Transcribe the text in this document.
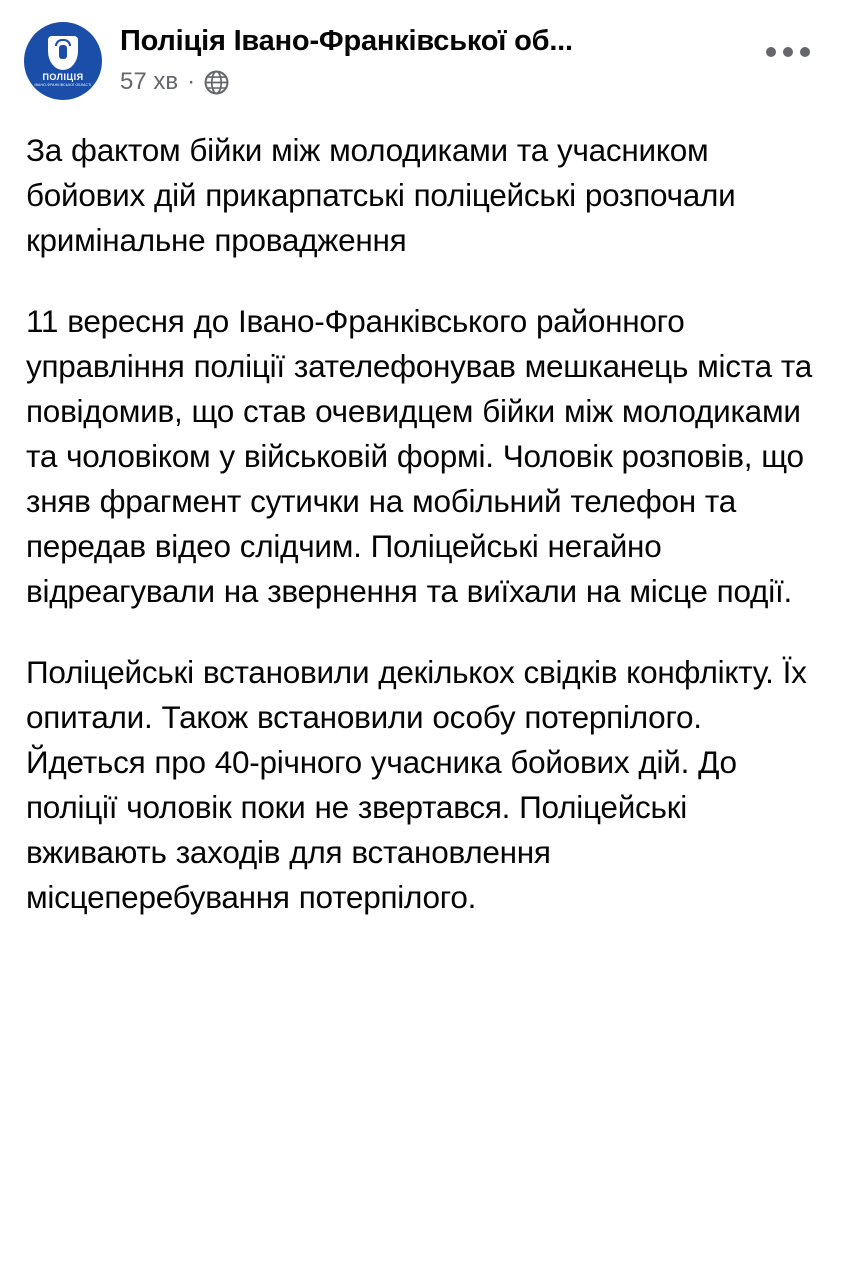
ПОЛІЦІЯ
ІВАНО-ФРАНКІВСЬКОЇ ОБЛАСТІ
Поліція Івано-Франківської об...
57 хв ·

За фактом бійки між молодиками та учасником бойових дій прикарпатські поліцейські розпочали кримінальне провадження

11 вересня до Івано-Франківського районного управління поліції зателефонував мешканець міста та повідомив, що став очевидцем бійки між молодиками та чоловіком у військовій формі. Чоловік розповів, що зняв фрагмент сутички на мобільний телефон та передав відео слідчим. Поліцейські негайно відреагували на звернення та виїхали на місце події.

Поліцейські встановили декількох свідків конфлікту. Їх опитали. Також встановили особу потерпілого. Йдеться про 40-річного учасника бойових дій. До поліції чоловік поки не звертався. Поліцейські вживають заходів для встановлення місцеперебування потерпілого.
